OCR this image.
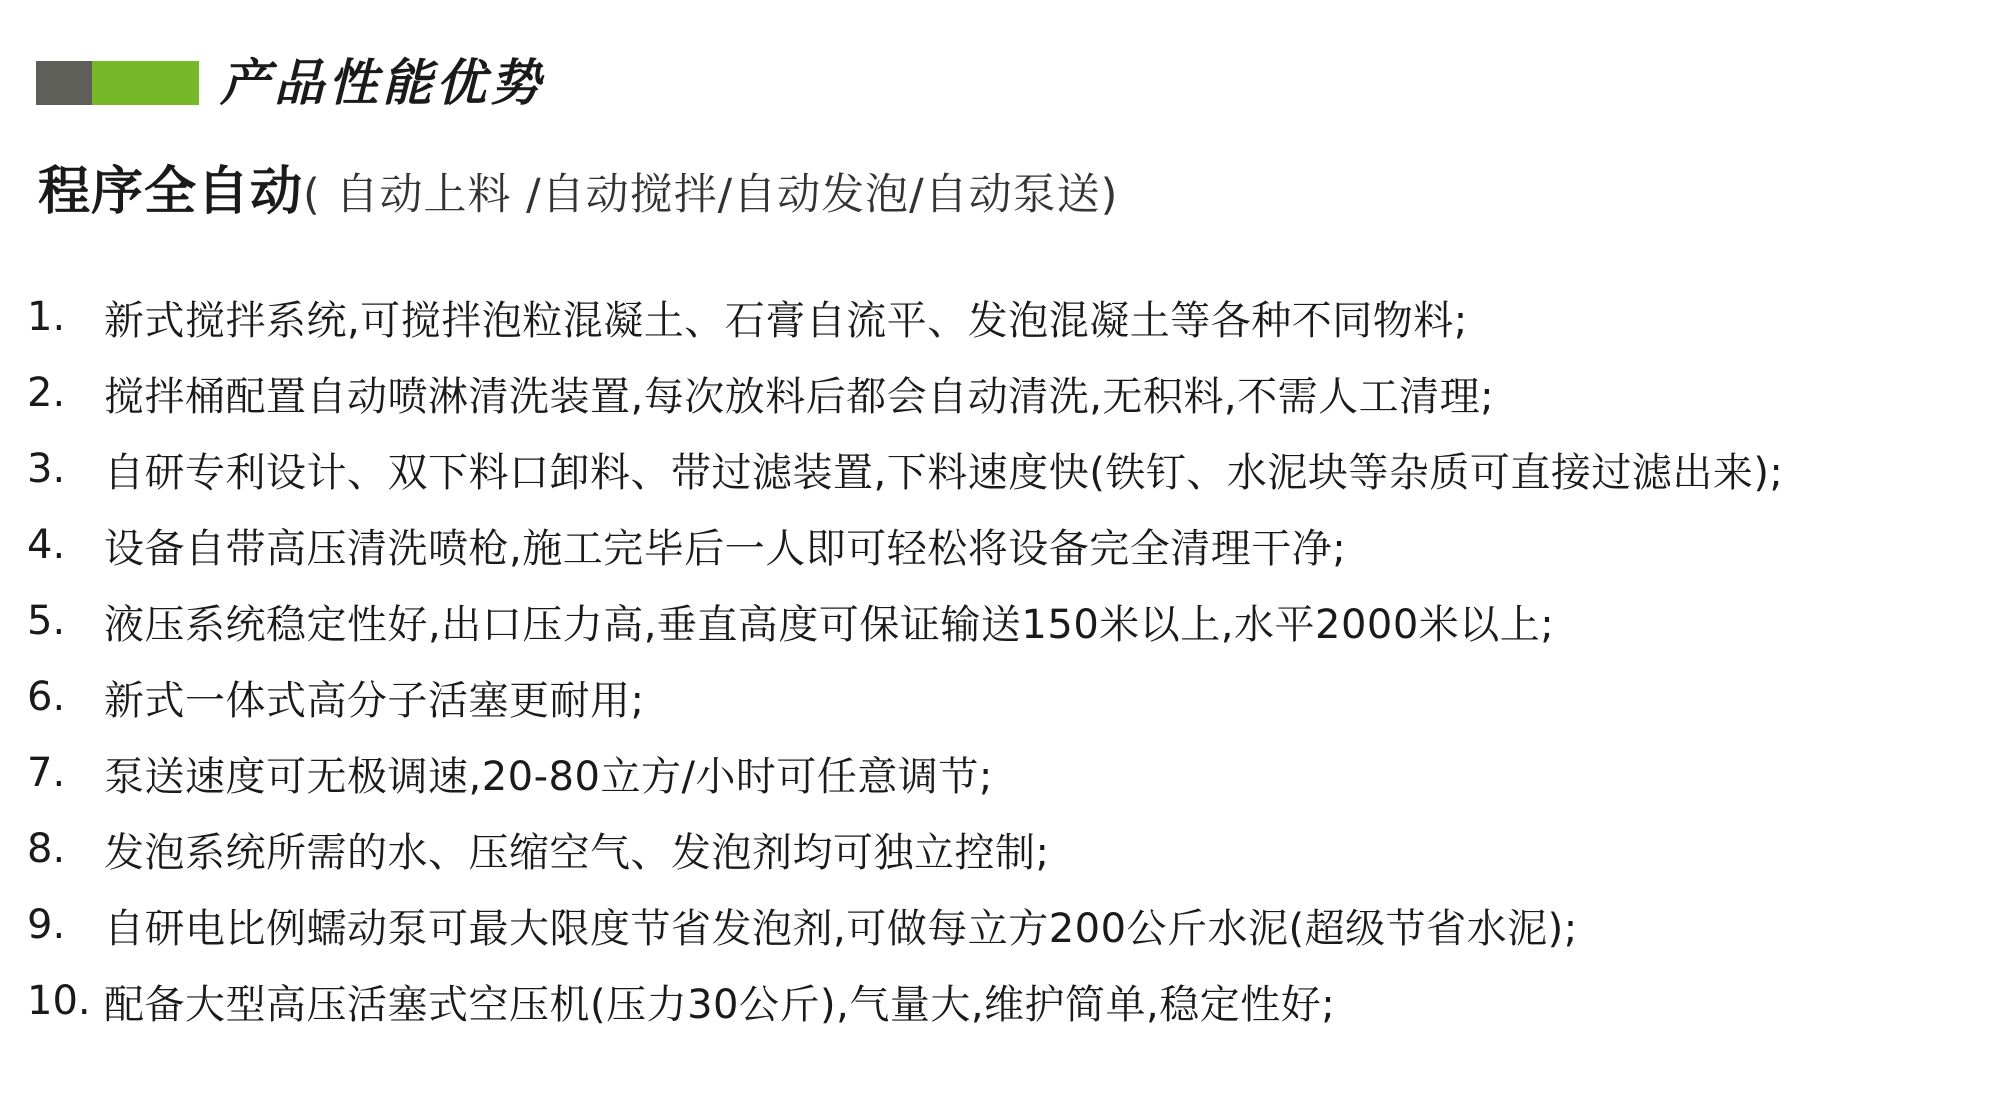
产品性能优势
程序全自动( 自动上料 /自动搅拌/自动发泡/自动泵送)
1. 新式搅拌系统,可搅拌泡粒混凝土、石膏自流平、发泡混凝土等各种不同物料;
2. 搅拌桶配置自动喷淋清洗装置,每次放料后都会自动清洗,无积料,不需人工清理;
3. 自研专利设计、双下料口卸料、带过滤装置,下料速度快(铁钉、水泥块等杂质可直接过滤出来);
4. 设备自带高压清洗喷枪,施工完毕后一人即可轻松将设备完全清理干净;
5. 液压系统稳定性好,出口压力高,垂直高度可保证输送150米以上,水平2000米以上;
6. 新式一体式高分子活塞更耐用;
7. 泵送速度可无极调速,20-80立方/小时可任意调节;
8. 发泡系统所需的水、压缩空气、发泡剂均可独立控制;
9. 自研电比例蠕动泵可最大限度节省发泡剂,可做每立方200公斤水泥(超级节省水泥);
10. 配备大型高压活塞式空压机(压力30公斤),气量大,维护简单,稳定性好;
